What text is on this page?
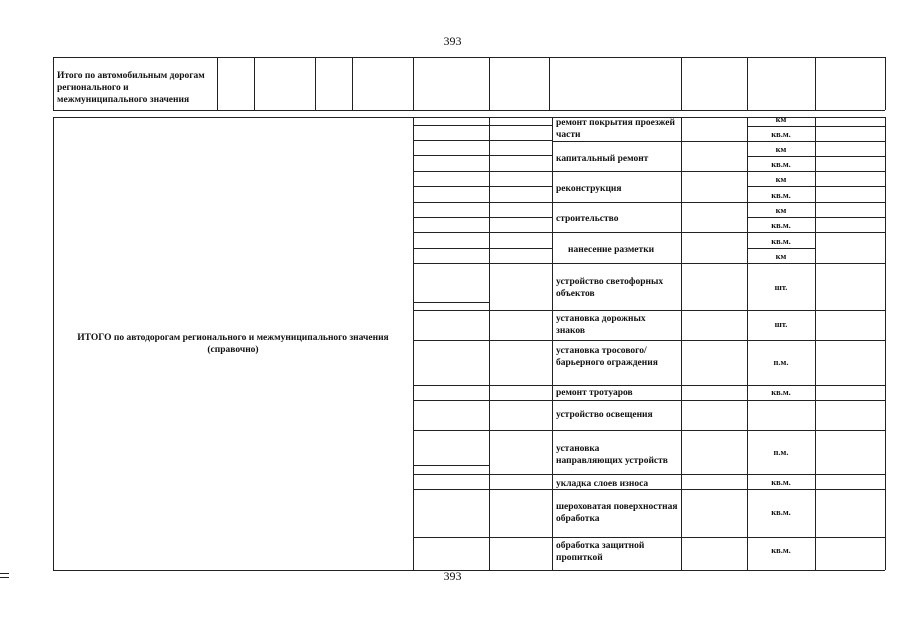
393
Итого по автомобильным дорогам регионального и межмуниципального значения
ИТОГО по автодорогам регионального и межмуниципального значения (справочно)
ремонт покрытия проезжей части
капитальный ремонт
реконструкция
строительство
нанесение разметки
устройство светофорных объектов
установка дорожных знаков
установка тросового/барьерного ограждения
ремонт тротуаров
устройство освещения
установка направляющих устройств
укладка слоев износа
шероховатая поверхностная обработка
обработка защитной пропиткой
км
кв.м.
км
кв.м.
км
кв.м.
км
кв.м.
кв.м.
км
шт.
шт.
п.м.
кв.м.
п.м.
кв.м.
кв.м.
кв.м.
393
